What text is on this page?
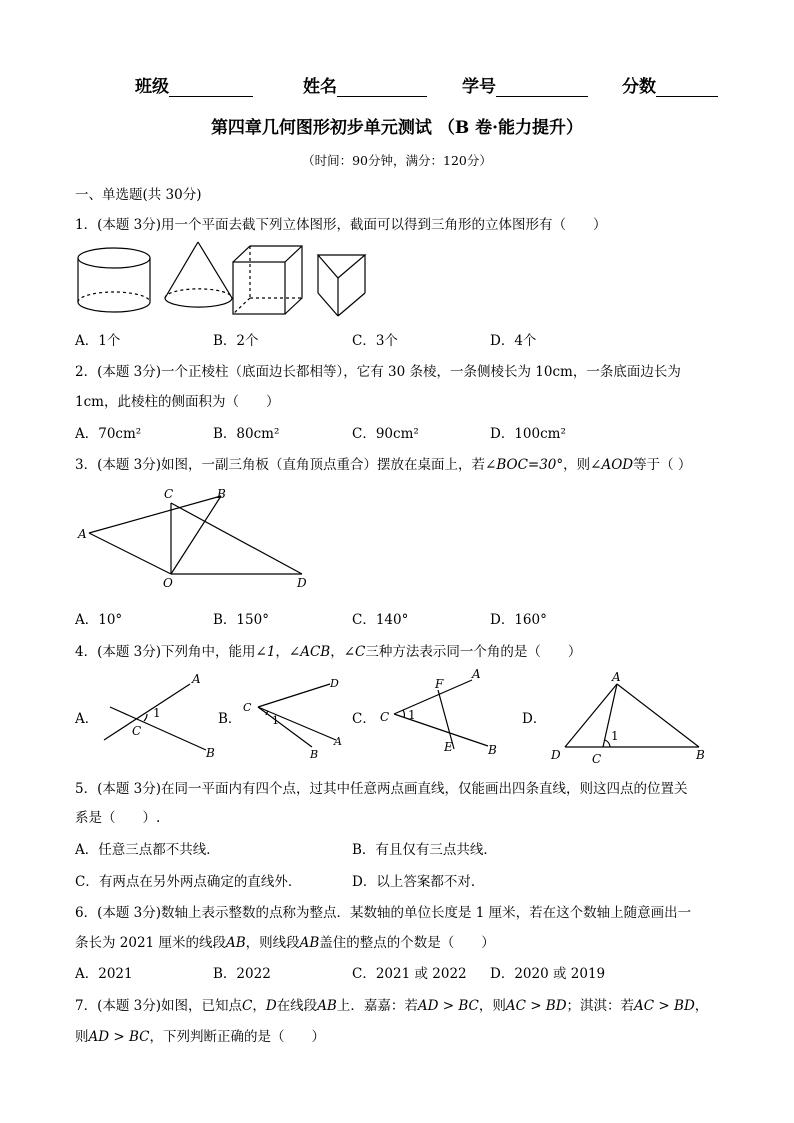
班级	姓名	学号	分数
第四章几何图形初步单元测试 （B 卷·能力提升）
（时间：90分钟，满分：120分）
一、单选题(共 30分)
1．(本题 3分)用一个平面去截下列立体图形，截面可以得到三角形的立体图形有（　　）
A．1个	B．2个	C．3个	D．4个
2．(本题 3分)一个正棱柱（底面边长都相等），它有 30 条棱，一条侧棱长为 10cm，一条底面边长为
1cm，此棱柱的侧面积为（　　）
A．70cm²	B．80cm²	C．90cm²	D．100cm²
3．(本题 3分)如图，一副三角板（直角顶点重合）摆放在桌面上，若∠BOC=30°，则∠AOD等于（ ）
C	B
A
O	D
A．10°	B．150°	C．140°	D．160°
4．(本题 3分)下列角中，能用∠1，∠ACB，∠C三种方法表示同一个角的是（　　）
A．
A
1
C
B
B．
C
D
1
A
B
C．
F
A
C 1
E	B
D．
A
1
D	C	B
5．(本题 3分)在同一平面内有四个点，过其中任意两点画直线，仅能画出四条直线，则这四点的位置关
系是（　　）.
A．任意三点都不共线．	B．有且仅有三点共线．
C．有两点在另外两点确定的直线外．	D．以上答案都不对．
6．(本题 3分)数轴上表示整数的点称为整点．某数轴的单位长度是 1 厘米，若在这个数轴上随意画出一
条长为 2021 厘米的线段AB，则线段AB盖住的整点的个数是（　　）
A．2021	B．2022	C．2021 或 2022 D．2020 或 2019
7．(本题 3分)如图，已知点C，D在线段AB上．嘉嘉：若AD > BC，则AC > BD；淇淇：若AC > BD，
则AD > BC，下列判断正确的是（　　）
